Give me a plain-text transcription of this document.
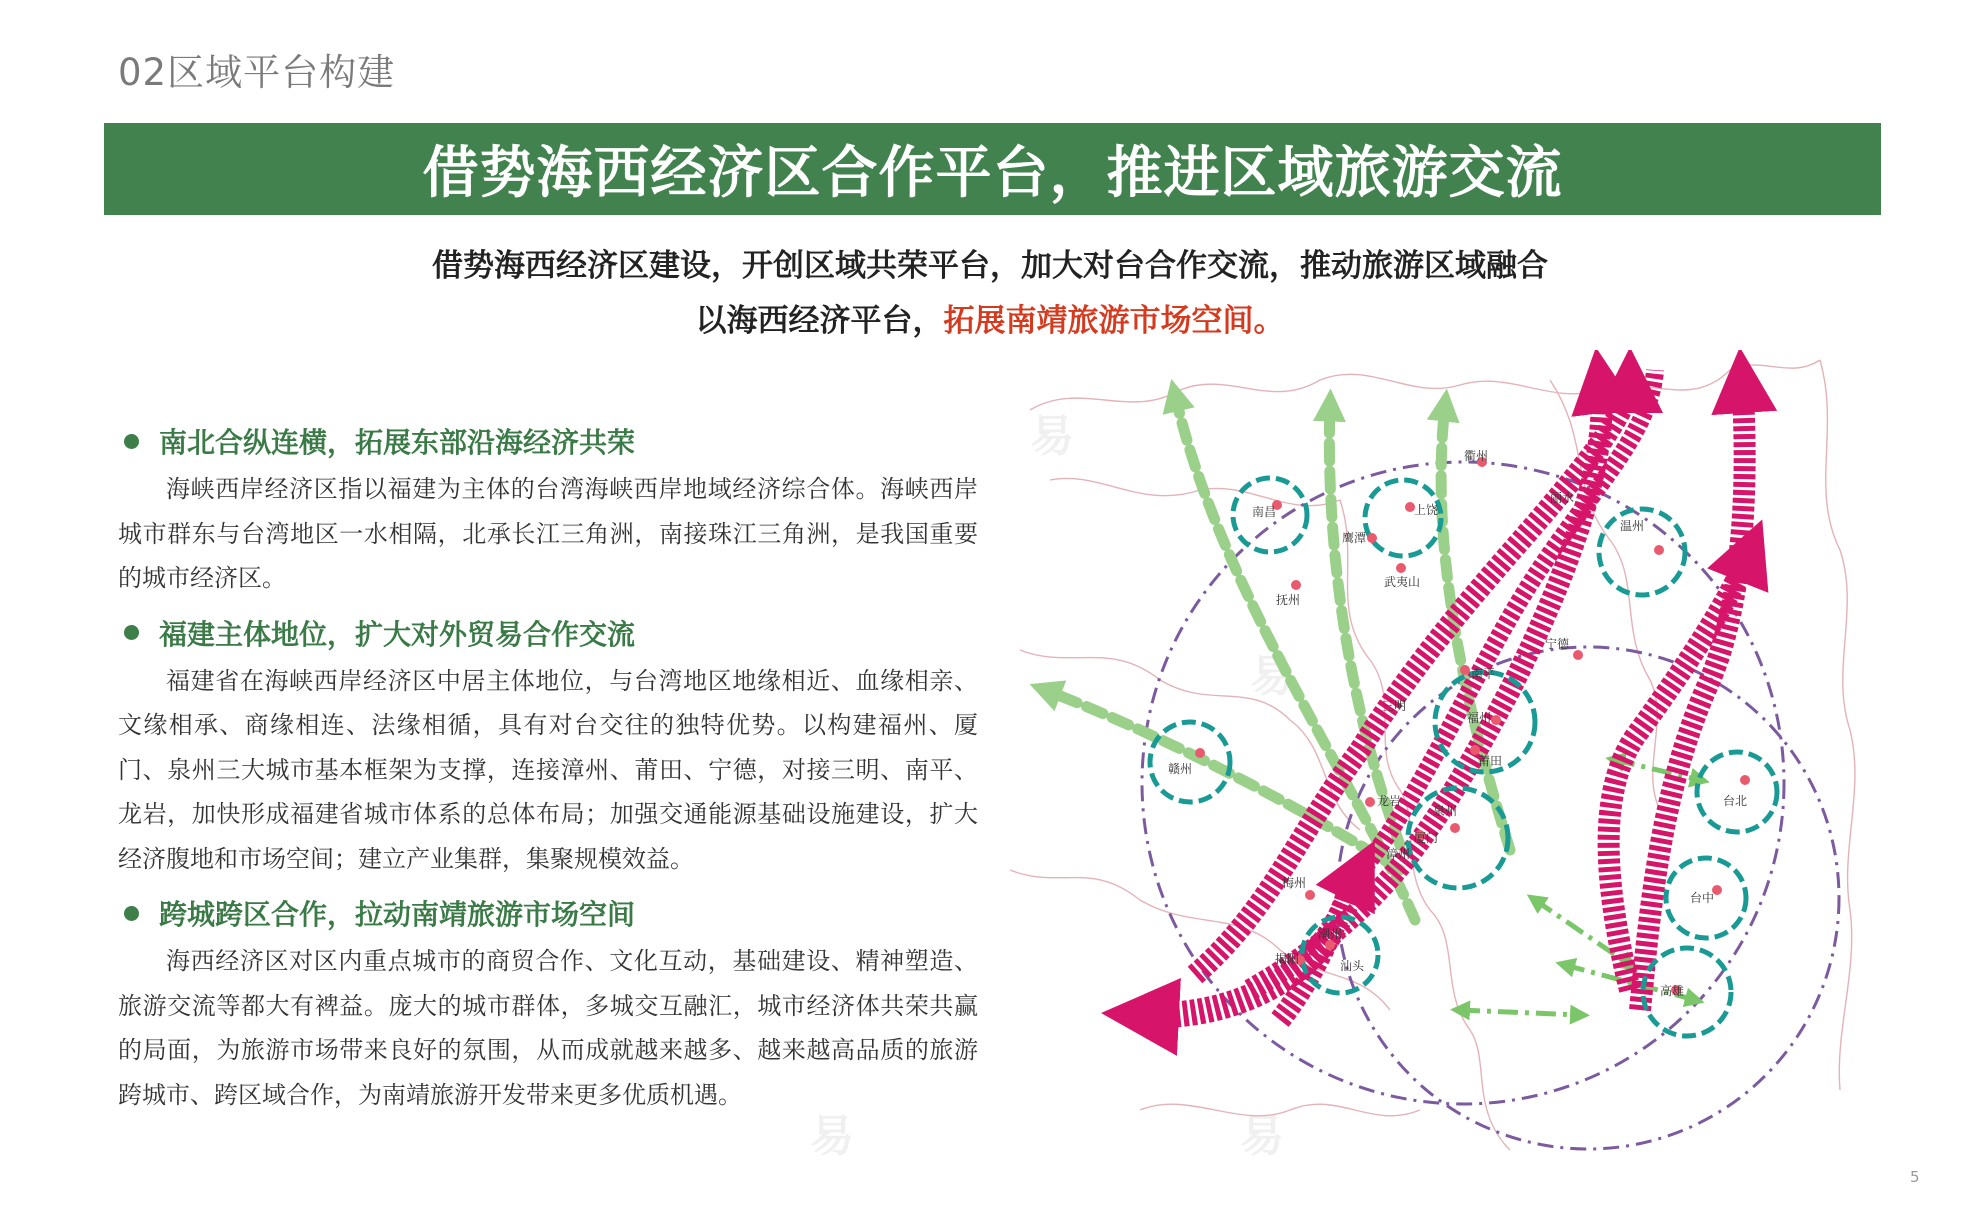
易
易
易	易
02区域平台构建
借势海西经济区合作平台，推进区域旅游交流
借势海西经济区建设，开创区域共荣平台，加大对台合作交流，推动旅游区域融合
以海西经济平台，拓展南靖旅游市场空间。
南北合纵连横，拓展东部沿海经济共荣
海峡西岸经济区指以福建为主体的台湾海峡西岸地域经济综合体。海峡西岸城市群东与台湾地区一水相隔，北承长江三角洲，南接珠江三角洲，是我国重要的城市经济区。
福建主体地位，扩大对外贸易合作交流
福建省在海峡西岸经济区中居主体地位，与台湾地区地缘相近、血缘相亲、文缘相承、商缘相连、法缘相循，具有对台交往的独特优势。以构建福州、厦门、泉州三大城市基本框架为支撑，连接漳州、莆田、宁德，对接三明、南平、龙岩，加快形成福建省城市体系的总体布局；加强交通能源基础设施建设，扩大经济腹地和市场空间；建立产业集群，集聚规模效益。
跨城跨区合作，拉动南靖旅游市场空间
海西经济区对区内重点城市的商贸合作、文化互动，基础建设、精神塑造、旅游交流等都大有裨益。庞大的城市群体，多城交互融汇，城市经济体共荣共赢的局面，为旅游市场带来良好的氛围，从而成就越来越多、越来越高品质的旅游跨城市、跨区域合作，为南靖旅游开发带来更多优质机遇。
衢州
丽水
南昌	上饶
鹰潭
武夷山
温州
抚州
宁德
南平
三明
福州
赣州
莆田
龙岩
泉州
台北
厦门
漳州
台中
梅州
潮州
揭阳	汕头
高雄
5
